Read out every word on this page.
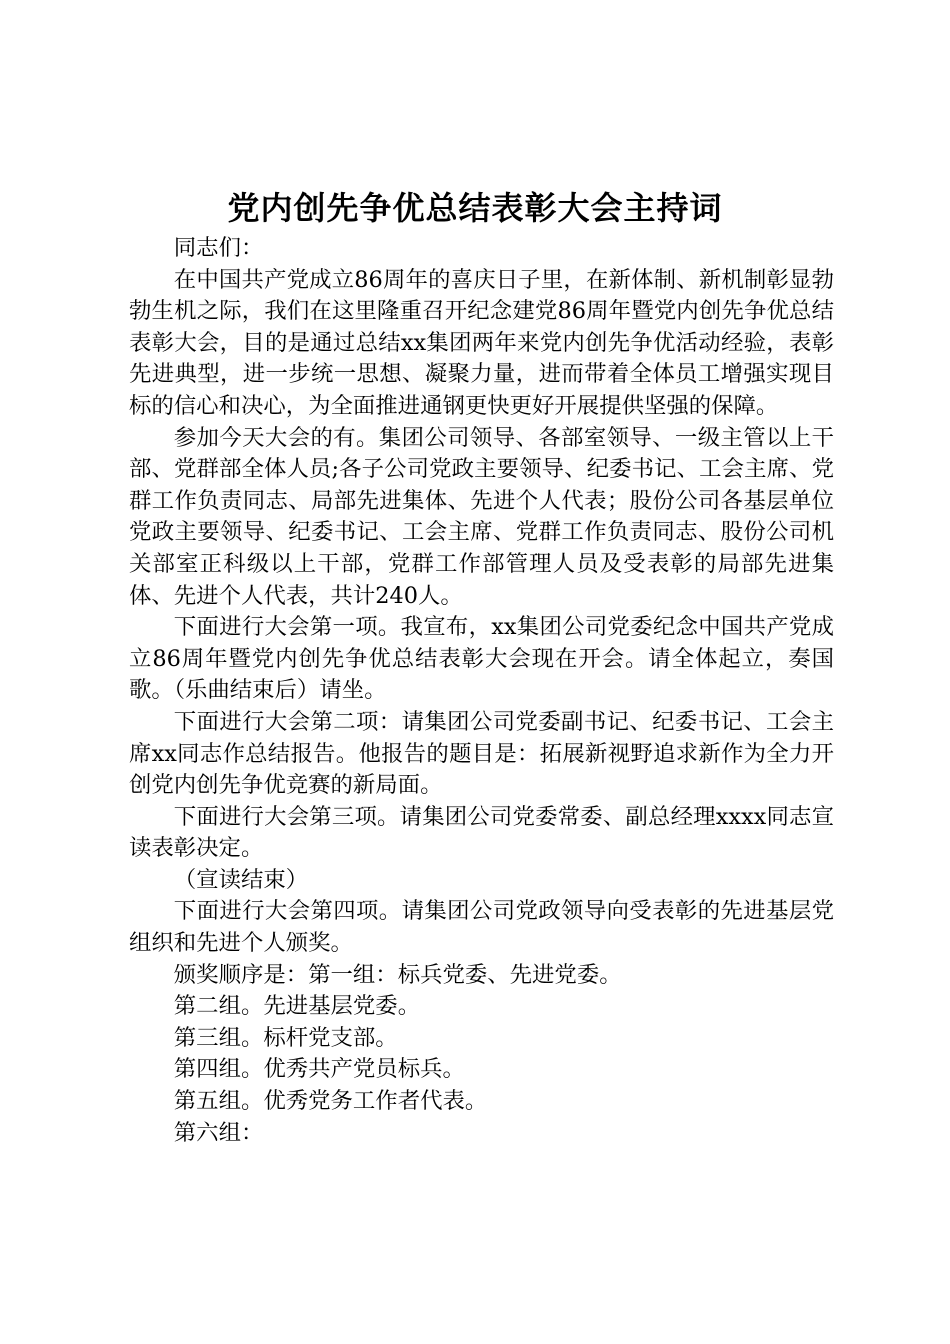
党内创先争优总结表彰大会主持词

同志们：

在中国共产党成立86周年的喜庆日子里，在新体制、新机制彰显勃勃生机之际，我们在这里隆重召开纪念建党86周年暨党内创先争优总结表彰大会，目的是通过总结xx集团两年来党内创先争优活动经验，表彰先进典型，进一步统一思想、凝聚力量，进而带着全体员工增强实现目标的信心和决心，为全面推进通钢更快更好开展提供坚强的保障。

参加今天大会的有。集团公司领导、各部室领导、一级主管以上干部、党群部全体人员;各子公司党政主要领导、纪委书记、工会主席、党群工作负责同志、局部先进集体、先进个人代表；股份公司各基层单位党政主要领导、纪委书记、工会主席、党群工作负责同志、股份公司机关部室正科级以上干部，党群工作部管理人员及受表彰的局部先进集体、先进个人代表，共计240人。

下面进行大会第一项。我宣布，xx集团公司党委纪念中国共产党成立86周年暨党内创先争优总结表彰大会现在开会。请全体起立，奏国歌。（乐曲结束后）请坐。

下面进行大会第二项：请集团公司党委副书记、纪委书记、工会主席xx同志作总结报告。他报告的题目是：拓展新视野追求新作为全力开创党内创先争优竞赛的新局面。

下面进行大会第三项。请集团公司党委常委、副总经理xxxx同志宣读表彰决定。

（宣读结束）

下面进行大会第四项。请集团公司党政领导向受表彰的先进基层党组织和先进个人颁奖。

颁奖顺序是：第一组：标兵党委、先进党委。

第二组。先进基层党委。

第三组。标杆党支部。

第四组。优秀共产党员标兵。

第五组。优秀党务工作者代表。

第六组：
